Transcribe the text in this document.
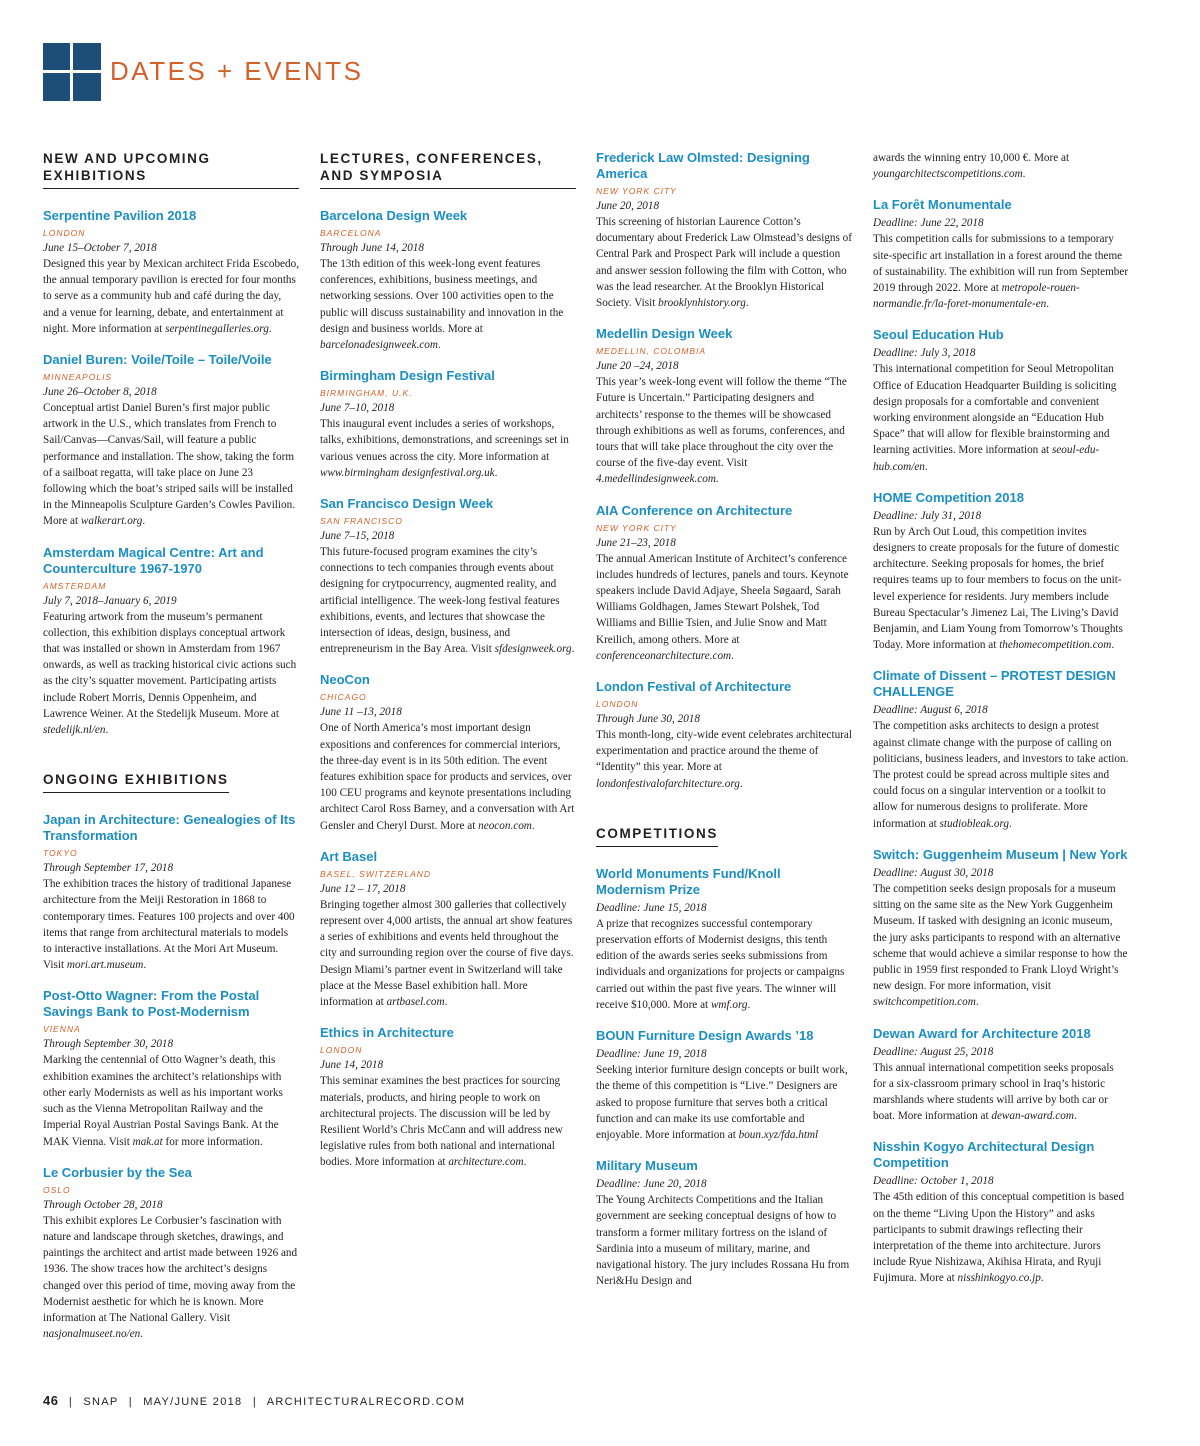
DATES + EVENTS
NEW AND UPCOMING EXHIBITIONS
Serpentine Pavilion 2018
LONDON
June 15–October 7, 2018

Designed this year by Mexican architect Frida Escobedo, the annual temporary pavilion is erected for four months to serve as a community hub and café during the day, and a venue for learning, debate, and entertainment at night. More information at serpentinegalleries.org.

Daniel Buren: Voile/Toile – Toile/Voile
MINNEAPOLIS
June 26–October 8, 2018

Conceptual artist Daniel Buren’s first major public artwork in the U.S., which translates from French to Sail/Canvas—Canvas/Sail, will feature a public performance and installation. The show, taking the form of a sailboat regatta, will take place on June 23 following which the boat’s striped sails will be installed in the Minneapolis Sculpture Garden’s Cowles Pavilion. More at walkerart.org.

Amsterdam Magical Centre: Art and Counterculture 1967-1970
AMSTERDAM
July 7, 2018–January 6, 2019

Featuring artwork from the museum’s permanent collection, this exhibition displays conceptual artwork that was installed or shown in Amsterdam from 1967 onwards, as well as tracking historical civic actions such as the city’s squatter movement. Participating artists include Robert Morris, Dennis Oppenheim, and Lawrence Weiner. At the Stedelijk Museum. More at stedelijk.nl/en.

ONGOING EXHIBITIONS
Japan in Architecture: Genealogies of Its Transformation
TOKYO
Through September 17, 2018

The exhibition traces the history of traditional Japanese architecture from the Meiji Restoration in 1868 to contemporary times. Features 100 projects and over 400 items that range from architectural materials to models to interactive installations. At the Mori Art Museum. Visit mori.art.museum.

Post-Otto Wagner: From the Postal Savings Bank to Post-Modernism
VIENNA
Through September 30, 2018

Marking the centennial of Otto Wagner’s death, this exhibition examines the architect’s relationships with other early Modernists as well as his important works such as the Vienna Metropolitan Railway and the Imperial Royal Austrian Postal Savings Bank. At the MAK Vienna. Visit mak.at for more information.

Le Corbusier by the Sea
OSLO
Through October 28, 2018

This exhibit explores Le Corbusier’s fascination with nature and landscape through sketches, drawings, and paintings the architect and artist made between 1926 and 1936. The show traces how the architect’s designs changed over this period of time, moving away from the Modernist aesthetic for which he is known. More information at The National Gallery. Visit nasjonalmuseet.no/en.

LECTURES, CONFERENCES, AND SYMPOSIA
Barcelona Design Week
BARCELONA
Through June 14, 2018

The 13th edition of this week-long event features conferences, exhibitions, business meetings, and networking sessions. Over 100 activities open to the public will discuss sustainability and innovation in the design and business worlds. More at barcelonadesignweek.com.

Birmingham Design Festival
BIRMINGHAM, U.K.
June 7–10, 2018

This inaugural event includes a series of workshops, talks, exhibitions, demonstrations, and screenings set in various venues across the city. More information at www.birmingham designfestival.org.uk.

San Francisco Design Week
SAN FRANCISCO
June 7–15, 2018

This future-focused program examines the city’s connections to tech companies through events about designing for crytpocurrency, augmented reality, and artificial intelligence. The week-long festival features exhibitions, events, and lectures that showcase the intersection of ideas, design, business, and entrepreneurism in the Bay Area. Visit sfdesignweek.org.

NeoCon
CHICAGO
June 11 –13, 2018

One of North America’s most important design expositions and conferences for commercial interiors, the three-day event is in its 50th edition. The event features exhibition space for products and services, over 100 CEU programs and keynote presentations including architect Carol Ross Barney, and a conversation with Art Gensler and Cheryl Durst. More at neocon.com.

Art Basel
BASEL, SWITZERLAND
June 12 – 17, 2018

Bringing together almost 300 galleries that collectively represent over 4,000 artists, the annual art show features a series of exhibitions and events held throughout the city and surrounding region over the course of five days. Design Miami’s partner event in Switzerland will take place at the Messe Basel exhibition hall. More information at artbasel.com.

Ethics in Architecture
LONDON
June 14, 2018

This seminar examines the best practices for sourcing materials, products, and hiring people to work on architectural projects. The discussion will be led by Resilient World’s Chris McCann and will address new legislative rules from both national and international bodies. More information at architecture.com.

Frederick Law Olmsted: Designing America
NEW YORK CITY
June 20, 2018

This screening of historian Laurence Cotton’s documentary about Frederick Law Olmstead’s designs of Central Park and Prospect Park will include a question and answer session following the film with Cotton, who was the lead researcher. At the Brooklyn Historical Society. Visit brooklynhistory.org.

Medellin Design Week
MEDELLIN, COLOMBIA
June 20 –24, 2018

This year’s week-long event will follow the theme “The Future is Uncertain.” Participating designers and architects’ response to the themes will be showcased through exhibitions as well as forums, conferences, and tours that will take place throughout the city over the course of the five-day event. Visit 4.medellindesignweek.com.

AIA Conference on Architecture
NEW YORK CITY
June 21–23, 2018

The annual American Institute of Architect’s conference includes hundreds of lectures, panels and tours. Keynote speakers include David Adjaye, Sheela Søgaard, Sarah Williams Goldhagen, James Stewart Polshek, Tod Williams and Billie Tsien, and Julie Snow and Matt Kreilich, among others. More at conferenceonarchitecture.com.

London Festival of Architecture
LONDON
Through June 30, 2018

This month-long, city-wide event celebrates architectural experimentation and practice around the theme of “Identity” this year. More at londonfestivalofarchitecture.org.

COMPETITIONS
World Monuments Fund/Knoll Modernism Prize
Deadline: June 15, 2018

A prize that recognizes successful contemporary preservation efforts of Modernist designs, this tenth edition of the awards series seeks submissions from individuals and organizations for projects or campaigns carried out within the past five years. The winner will receive $10,000. More at wmf.org.

BOUN Furniture Design Awards ’18
Deadline: June 19, 2018

Seeking interior furniture design concepts or built work, the theme of this competition is “Live.” Designers are asked to propose furniture that serves both a critical function and can make its use comfortable and enjoyable. More information at boun.xyz/fda.html

Military Museum
Deadline: June 20, 2018

The Young Architects Competitions and the Italian government are seeking conceptual designs of how to transform a former military fortress on the island of Sardinia into a museum of military, marine, and navigational history. The jury includes Rossana Hu from Neri&Hu Design and

awards the winning entry 10,000 €. More at youngarchitectscompetitions.com.

La Forêt Monumentale
Deadline: June 22, 2018

This competition calls for submissions to a temporary site-specific art installation in a forest around the theme of sustainability. The exhibition will run from September 2019 through 2022. More at metropole-rouen-normandie.fr/la-foret-monumentale-en.

Seoul Education Hub
Deadline: July 3, 2018

This international competition for Seoul Metropolitan Office of Education Headquarter Building is soliciting design proposals for a comfortable and convenient working environment alongside an “Education Hub Space” that will allow for flexible brainstorming and learning activities. More information at seoul-edu-hub.com/en.

HOME Competition 2018
Deadline: July 31, 2018

Run by Arch Out Loud, this competition invites designers to create proposals for the future of domestic architecture. Seeking proposals for homes, the brief requires teams up to four members to focus on the unit-level experience for residents. Jury members include Bureau Spectacular’s Jimenez Lai, The Living’s David Benjamin, and Liam Young from Tomorrow’s Thoughts Today. More information at thehomecompetition.com.

Climate of Dissent – PROTEST DESIGN CHALLENGE
Deadline: August 6, 2018

The competition asks architects to design a protest against climate change with the purpose of calling on politicians, business leaders, and investors to take action. The protest could be spread across multiple sites and could focus on a singular intervention or a toolkit to allow for numerous designs to proliferate. More information at studiobleak.org.

Switch: Guggenheim Museum | New York
Deadline: August 30, 2018

The competition seeks design proposals for a museum sitting on the same site as the New York Guggenheim Museum. If tasked with designing an iconic museum, the jury asks participants to respond with an alternative scheme that would achieve a similar response to how the public in 1959 first responded to Frank Lloyd Wright’s new design. For more information, visit switchcompetition.com.

Dewan Award for Architecture 2018
Deadline: August 25, 2018

This annual international competition seeks proposals for a six-classroom primary school in Iraq’s historic marshlands where students will arrive by both car or boat. More information at dewan-award.com.

Nisshin Kogyo Architectural Design Competition
Deadline: October 1, 2018

The 45th edition of this conceptual competition is based on the theme “Living Upon the History” and asks participants to submit drawings reflecting their interpretation of the theme into architecture. Jurors include Ryue Nishizawa, Akihisa Hirata, and Ryuji Fujimura. More at nisshinkogyo.co.jp.

46 | SNAP | MAY/JUNE 2018 | ARCHITECTURALRECORD.COM
